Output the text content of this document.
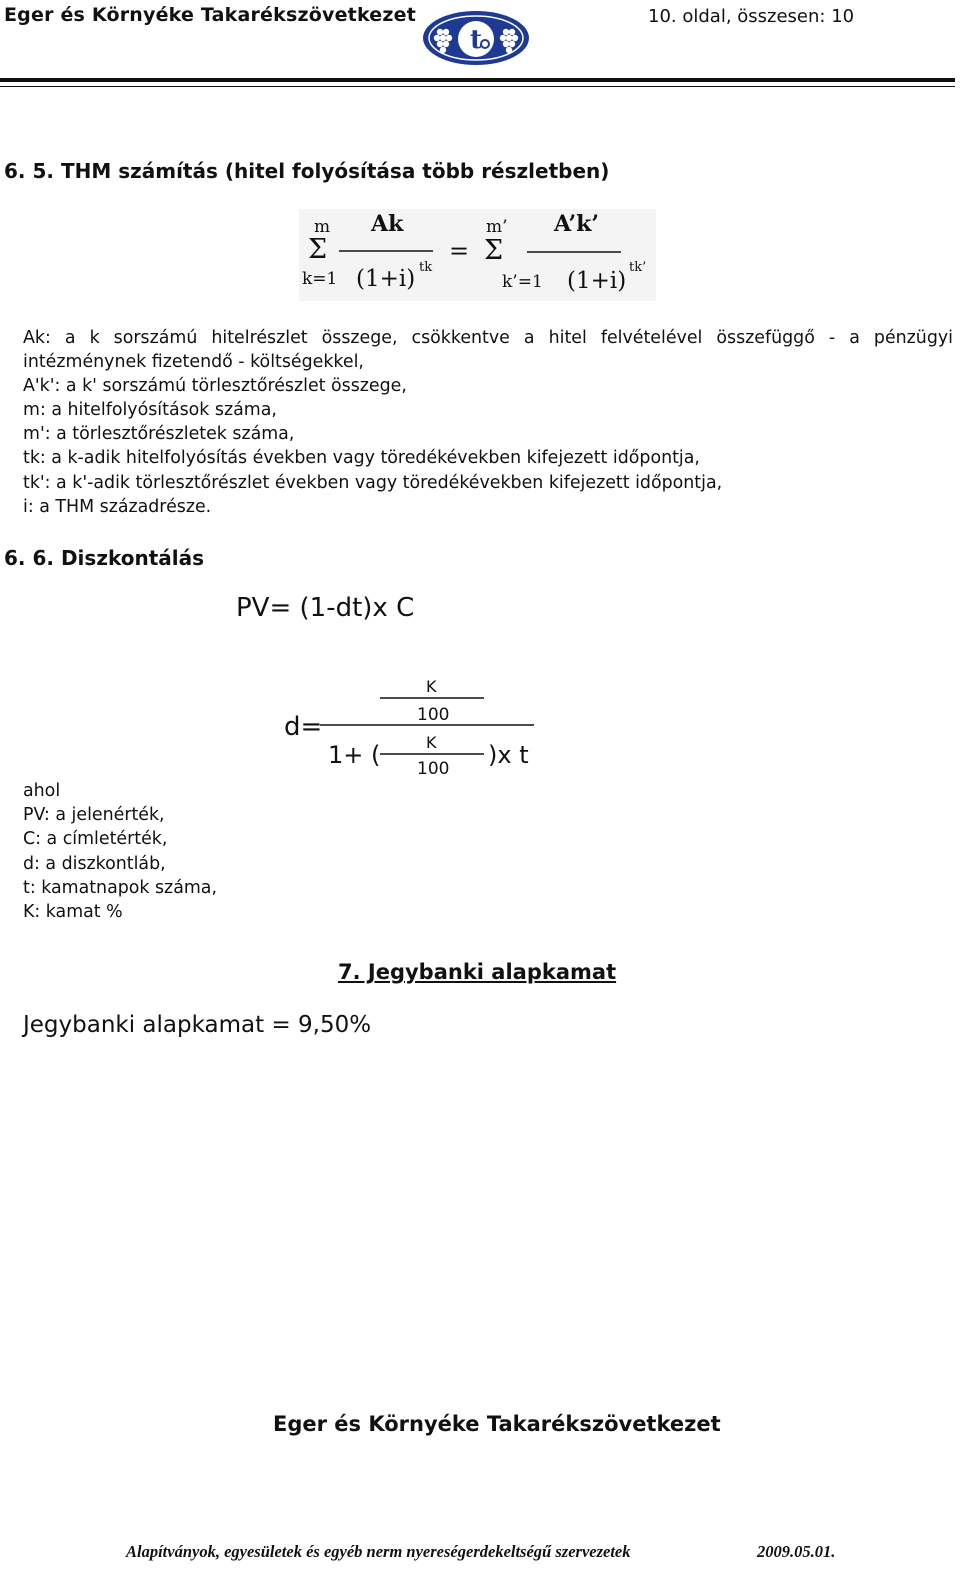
Eger és Környéke Takarékszövetkezet
t
10. oldal, összesen: 10
6. 5. THM számítás (hitel folyósítása több részletben)
m
Σ
k=1
Ak
(1+i) tk
=
m’
Σ
k’=1
A’k’
(1+i)
tk’
Ak: a k sorszámú hitelrészlet összege, csökkentve a hitel felvételével összefüggő - a pénzügyi
intézménynek fizetendő - költségekkel,
A'k': a k' sorszámú törlesztőrészlet összege,
m: a hitelfolyósítások száma,
m': a törlesztőrészletek száma,
tk: a k-adik hitelfolyósítás években vagy töredékévekben kifejezett időpontja,
tk': a k'-adik törlesztőrészlet években vagy töredékévekben kifejezett időpontja,
i: a THM századrésze.
6. 6. Diszkontálás
PV= (1-dt)x C
d=
K
100
1+ (	K
100 )x t
ahol
PV: a jelenérték,
C: a címletérték,
d: a diszkontláb,
t: kamatnapok száma,
K: kamat %
7. Jegybanki alapkamat
Jegybanki alapkamat = 9,50%
Eger és Környéke Takarékszövetkezet
Alapítványok, egyesületek és egyéb nerm nyereségerdekeltségű szervezetek	2009.05.01.
